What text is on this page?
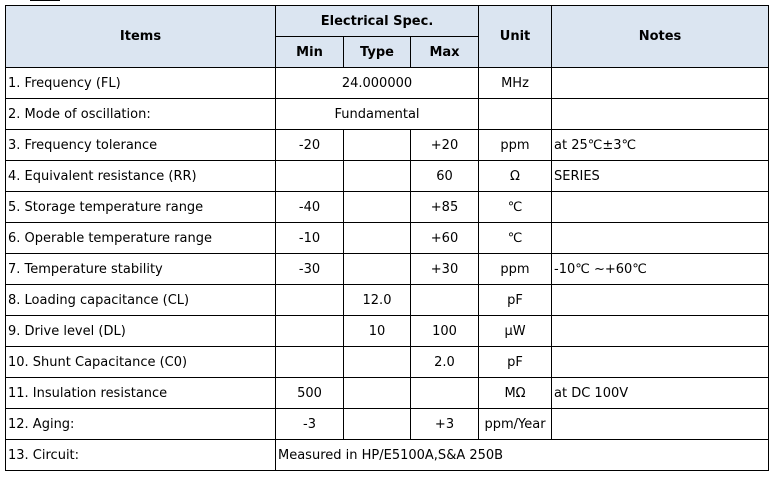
Items	Electrical Spec.			Unit	Notes
	Min	Type	Max		
1. Frequency (FL)	24.000000			MHz	
2. Mode of oscillation:	Fundamental				
3. Frequency tolerance	-20		+20	ppm	at 25℃±3℃
4. Equivalent resistance (RR)			60	Ω	SERIES
5. Storage temperature range	-40		+85	℃	
6. Operable temperature range	-10		+60	℃	
7. Temperature stability	-30		+30	ppm	-10℃ ~+60℃
8. Loading capacitance (CL)		12.0		pF	
9. Drive level (DL)		10	100	µW	
10. Shunt Capacitance (C0)			2.0	pF	
11. Insulation resistance	500			MΩ	at DC 100V
12. Aging:	-3		+3	ppm/Year	
13. Circuit:	Measured in HP/E5100A,S&A 250B				
